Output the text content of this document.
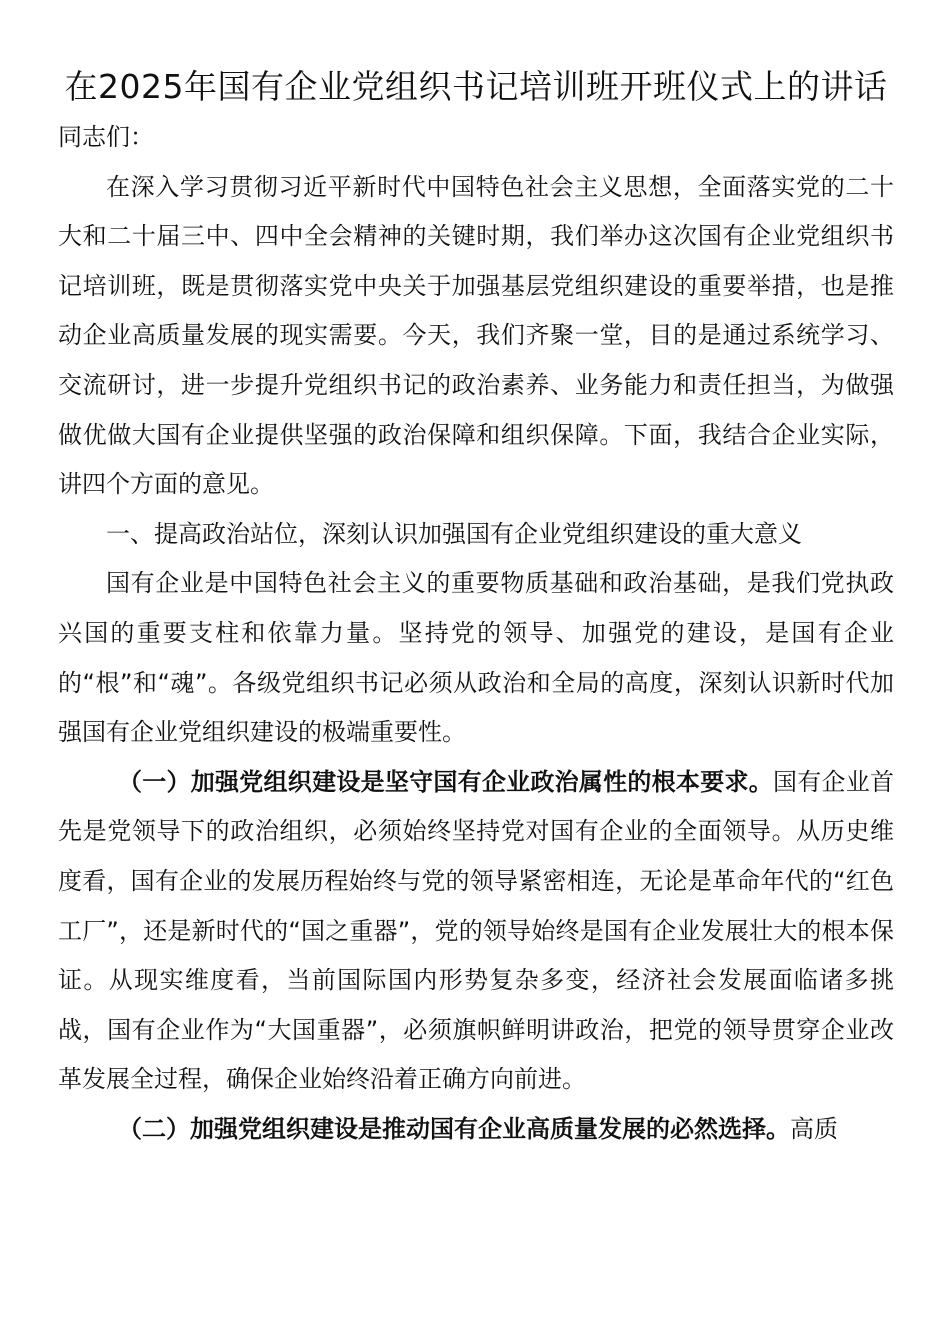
在2025年国有企业党组织书记培训班开班仪式上的讲话

同志们：

在深入学习贯彻习近平新时代中国特色社会主义思想，全面落实党的二十大和二十届三中、四中全会精神的关键时期，我们举办这次国有企业党组织书记培训班，既是贯彻落实党中央关于加强基层党组织建设的重要举措，也是推动企业高质量发展的现实需要。今天，我们齐聚一堂，目的是通过系统学习、交流研讨，进一步提升党组织书记的政治素养、业务能力和责任担当，为做强做优做大国有企业提供坚强的政治保障和组织保障。下面，我结合企业实际，讲四个方面的意见。

一、提高政治站位，深刻认识加强国有企业党组织建设的重大意义

国有企业是中国特色社会主义的重要物质基础和政治基础，是我们党执政兴国的重要支柱和依靠力量。坚持党的领导、加强党的建设，是国有企业的“根”和“魂”。各级党组织书记必须从政治和全局的高度，深刻认识新时代加强国有企业党组织建设的极端重要性。

（一）加强党组织建设是坚守国有企业政治属性的根本要求。国有企业首先是党领导下的政治组织，必须始终坚持党对国有企业的全面领导。从历史维度看，国有企业的发展历程始终与党的领导紧密相连，无论是革命年代的“红色工厂”，还是新时代的“国之重器”，党的领导始终是国有企业发展壮大的根本保证。从现实维度看，当前国际国内形势复杂多变，经济社会发展面临诸多挑战，国有企业作为“大国重器”，必须旗帜鲜明讲政治，把党的领导贯穿企业改革发展全过程，确保企业始终沿着正确方向前进。

（二）加强党组织建设是推动国有企业高质量发展的必然选择。高质
